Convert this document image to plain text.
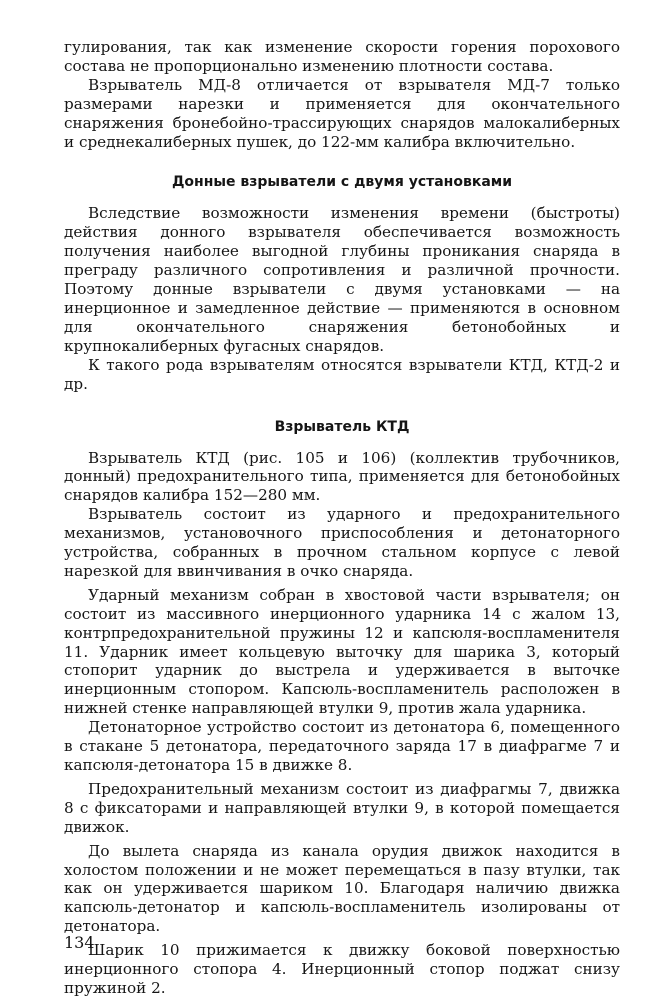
гулирования, так как изменение скорости горения порохового состава не пропорционально изменению плотности состава.

Взрыватель МД-8 отличается от взрывателя МД-7 только размерами нарезки и применяется для окончательного снаряжения бронебойно-трассирующих снарядов малокалиберных и среднекалиберных пушек, до 122-мм калибра включительно.

Донные взрыватели с двумя установками

Вследствие возможности изменения времени (быстроты) действия донного взрывателя обеспечивается возможность получения наиболее выгодной глубины проникания снаряда в преграду различного сопротивления и различной прочности. Поэтому донные взрыватели с двумя установками — на инерционное и замедленное действие — применяются в основном для окончательного снаряжения бетонобойных и крупнокалиберных фугасных снарядов.

К такого рода взрывателям относятся взрыватели КТД, КТД-2 и др.

Взрыватель КТД

Взрыватель КТД (рис. 105 и 106) (коллектив трубочников, донный) предохранительного типа, применяется для бетонобойных снарядов калибра 152—280 мм.

Взрыватель состоит из ударного и предохранительного механизмов, установочного приспособления и детонаторного устройства, собранных в прочном стальном корпусе с левой нарезкой для ввинчивания в очко снаряда.

Ударный механизм собран в хвостовой части взрывателя; он состоит из массивного инерционного ударника 14 с жалом 13, контрпредохранительной пружины 12 и капсюля-воспламенителя 11. Ударник имеет кольцевую выточку для шарика 3, который стопорит ударник до выстрела и удерживается в выточке инерционным стопором. Капсюль-воспламенитель расположен в нижней стенке направляющей втулки 9, против жала ударника.

Детонаторное устройство состоит из детонатора 6, помещенного в стакане 5 детонатора, передаточного заряда 17 в диафрагме 7 и капсюля-детонатора 15 в движке 8.

Предохранительный механизм состоит из диафрагмы 7, движка 8 с фиксаторами и направляющей втулки 9, в которой помещается движок.

До вылета снаряда из канала орудия движок находится в холостом положении и не может перемещаться в пазу втулки, так как он удерживается шариком 10. Благодаря наличию движка капсюль-детонатор и капсюль-воспламенитель изолированы от детонатора.

Шарик 10 прижимается к движку боковой поверхностью инерционного стопора 4. Инерционный стопор поджат снизу пружиной 2.

134
